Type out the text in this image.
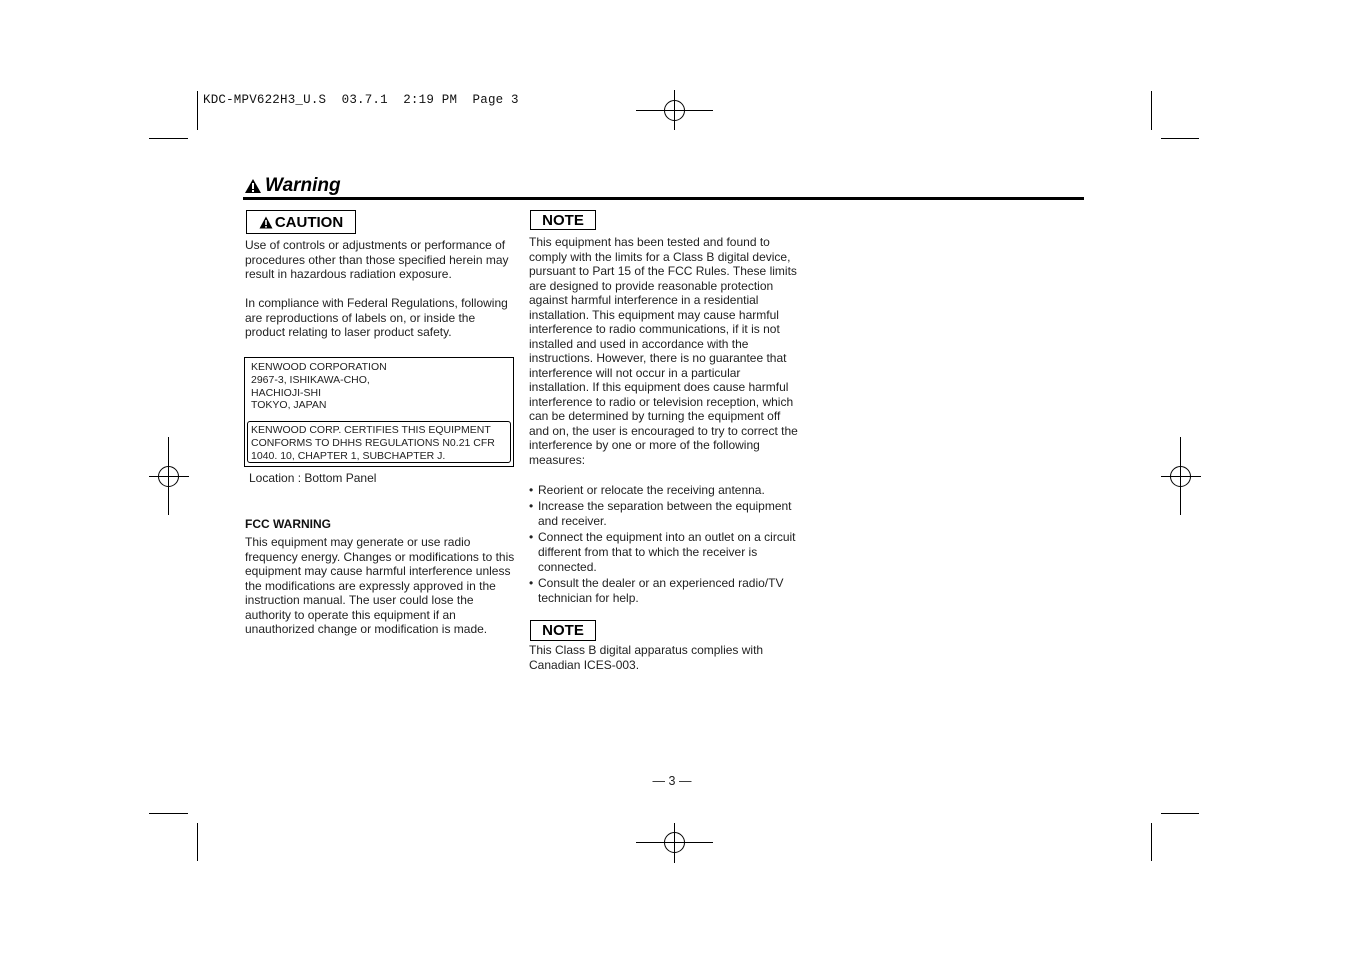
KDC-MPV622H3_U.S  03.7.1  2:19 PM  Page 3
Warning
CAUTION
Use of controls or adjustments or performance of procedures other than those specified herein may result in hazardous radiation exposure.
In compliance with Federal Regulations, following are reproductions of labels on, or inside the product relating to laser product safety.
KENWOOD CORPORATION
2967-3, ISHIKAWA-CHO,
HACHIOJI-SHI
TOKYO, JAPAN
KENWOOD CORP. CERTIFIES THIS EQUIPMENT
CONFORMS TO DHHS REGULATIONS N0.21 CFR
1040. 10, CHAPTER 1, SUBCHAPTER J.
Location : Bottom Panel
FCC WARNING
This equipment may generate or use radio frequency energy. Changes or modifications to this equipment may cause harmful interference unless the modifications are expressly approved in the instruction manual. The user could lose the authority to operate this equipment if an unauthorized change or modification is made.
NOTE
This equipment has been tested and found to comply with the limits for a Class B digital device, pursuant to Part 15 of the FCC Rules. These limits are designed to provide reasonable protection against harmful interference in a residential installation. This equipment may cause harmful interference to radio communications, if it is not installed and used in accordance with the instructions. However, there is no guarantee that interference will not occur in a particular installation. If this equipment does cause harmful interference to radio or television reception, which can be determined by turning the equipment off and on, the user is encouraged to try to correct the interference by one or more of the following measures:
• Reorient or relocate the receiving antenna.
• Increase the separation between the equipment and receiver.
• Connect the equipment into an outlet on a circuit different from that to which the receiver is connected.
• Consult the dealer or an experienced radio/TV technician for help.
NOTE
This Class B digital apparatus complies with Canadian ICES-003.
— 3 —
